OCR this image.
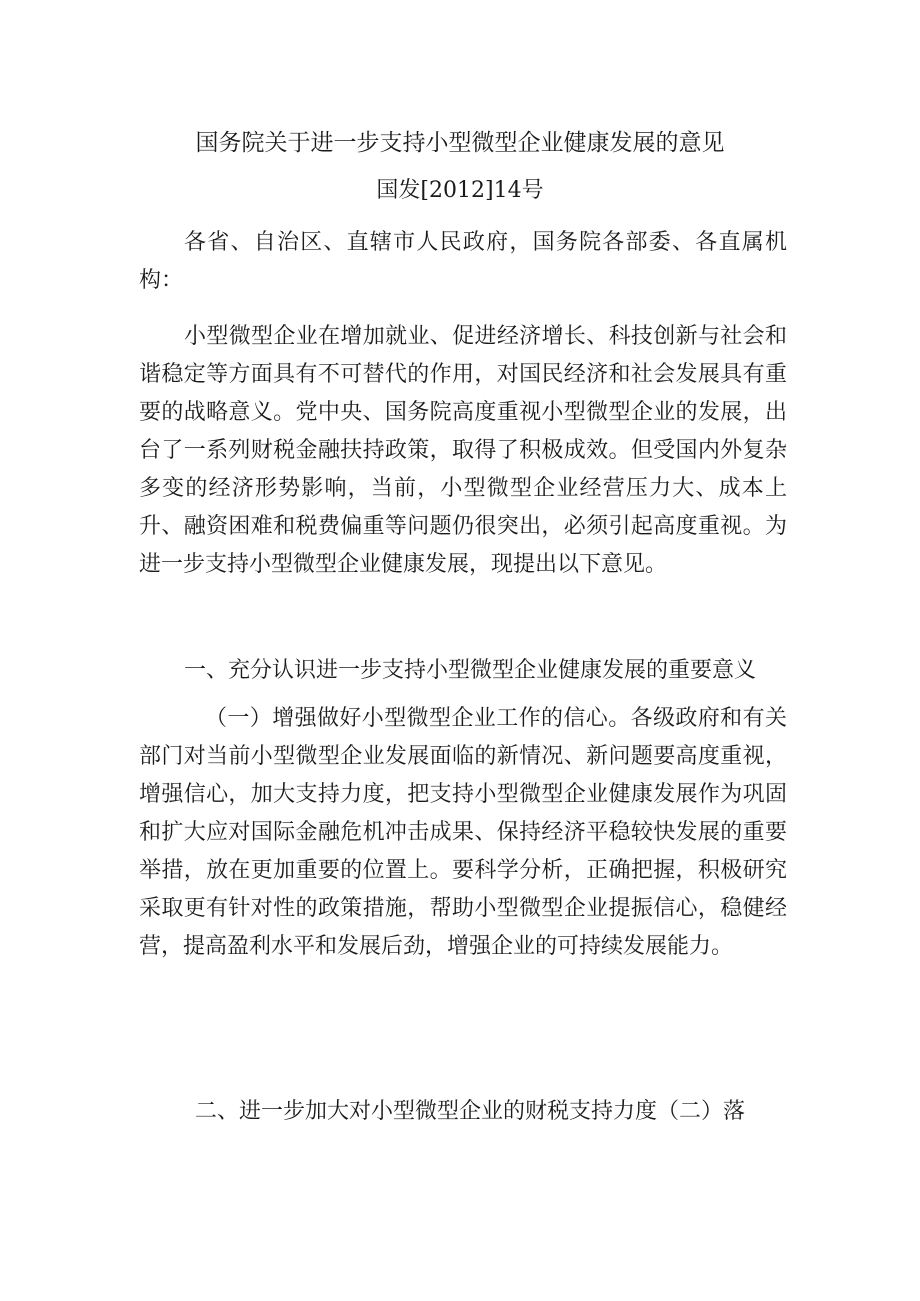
国务院关于进一步支持小型微型企业健康发展的意见
国发[2012]14号

各省、自治区、直辖市人民政府，国务院各部委、各直属机构：

小型微型企业在增加就业、促进经济增长、科技创新与社会和谐稳定等方面具有不可替代的作用，对国民经济和社会发展具有重要的战略意义。党中央、国务院高度重视小型微型企业的发展，出台了一系列财税金融扶持政策，取得了积极成效。但受国内外复杂多变的经济形势影响，当前，小型微型企业经营压力大、成本上升、融资困难和税费偏重等问题仍很突出，必须引起高度重视。为进一步支持小型微型企业健康发展，现提出以下意见。

一、充分认识进一步支持小型微型企业健康发展的重要意义

（一）增强做好小型微型企业工作的信心。各级政府和有关部门对当前小型微型企业发展面临的新情况、新问题要高度重视，增强信心，加大支持力度，把支持小型微型企业健康发展作为巩固和扩大应对国际金融危机冲击成果、保持经济平稳较快发展的重要举措，放在更加重要的位置上。要科学分析，正确把握，积极研究采取更有针对性的政策措施，帮助小型微型企业提振信心，稳健经营，提高盈利水平和发展后劲，增强企业的可持续发展能力。

二、进一步加大对小型微型企业的财税支持力度（二）落
